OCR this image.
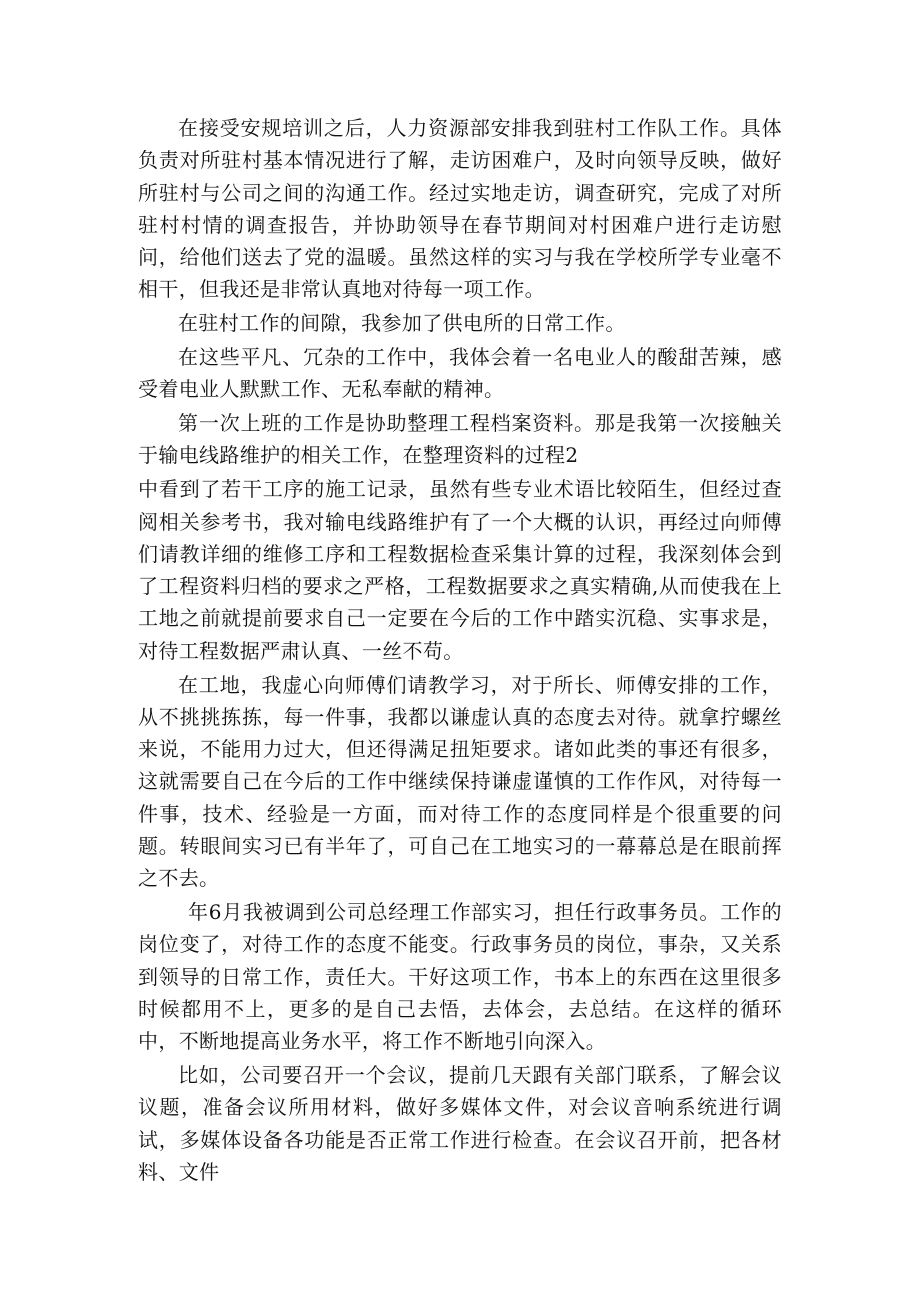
在接受安规培训之后，人力资源部安排我到驻村工作队工作。具体负责对所驻村基本情况进行了解，走访困难户，及时向领导反映，做好所驻村与公司之间的沟通工作。经过实地走访，调查研究，完成了对所驻村村情的调查报告，并协助领导在春节期间对村困难户进行走访慰问，给他们送去了党的温暖。虽然这样的实习与我在学校所学专业毫不相干，但我还是非常认真地对待每一项工作。

在驻村工作的间隙，我参加了供电所的日常工作。

在这些平凡、冗杂的工作中，我体会着一名电业人的酸甜苦辣，感受着电业人默默工作、无私奉献的精神。

第一次上班的工作是协助整理工程档案资料。那是我第一次接触关于输电线路维护的相关工作，在整理资料的过程2

中看到了若干工序的施工记录，虽然有些专业术语比较陌生，但经过查阅相关参考书，我对输电线路维护有了一个大概的认识，再经过向师傅们请教详细的维修工序和工程数据检查采集计算的过程，我深刻体会到了工程资料归档的要求之严格，工程数据要求之真实精确,从而使我在上工地之前就提前要求自己一定要在今后的工作中踏实沉稳、实事求是，对待工程数据严肃认真、一丝不苟。

在工地，我虚心向师傅们请教学习，对于所长、师傅安排的工作，从不挑挑拣拣，每一件事，我都以谦虚认真的态度去对待。就拿拧螺丝来说，不能用力过大，但还得满足扭矩要求。诸如此类的事还有很多，这就需要自己在今后的工作中继续保持谦虚谨慎的工作作风，对待每一件事，技术、经验是一方面，而对待工作的态度同样是个很重要的问题。转眼间实习已有半年了，可自己在工地实习的一幕幕总是在眼前挥之不去。

年6月我被调到公司总经理工作部实习，担任行政事务员。工作的岗位变了，对待工作的态度不能变。行政事务员的岗位，事杂，又关系到领导的日常工作，责任大。干好这项工作，书本上的东西在这里很多时候都用不上，更多的是自己去悟，去体会，去总结。在这样的循环中，不断地提高业务水平，将工作不断地引向深入。

比如，公司要召开一个会议，提前几天跟有关部门联系，了解会议议题，准备会议所用材料，做好多媒体文件，对会议音响系统进行调试，多媒体设备各功能是否正常工作进行检查。在会议召开前，把各材料、文件
